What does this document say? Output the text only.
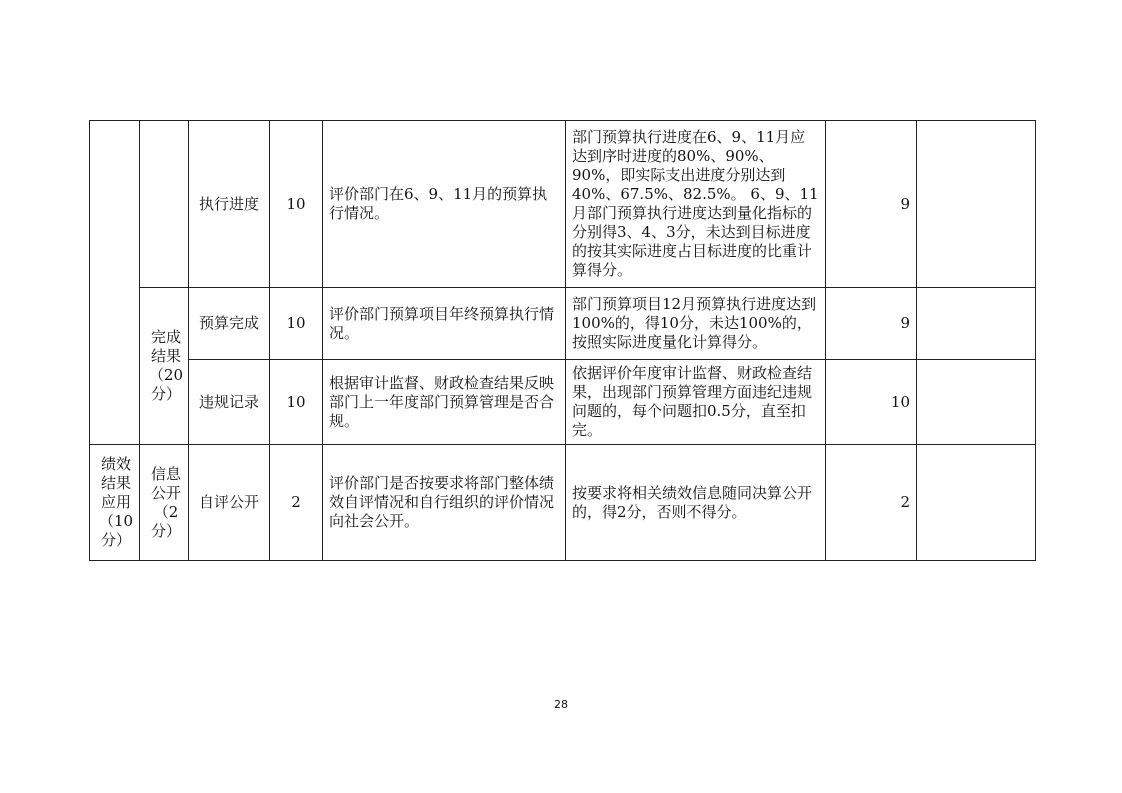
		执行进度	10	评价部门在6、9、11月的预算执行情况。	部门预算执行进度在6、9、11月应达到序时进度的80%、90%、90%，即实际支出进度分别达到40%、67.5%、82.5%。 6、9、11月部门预算执行进度达到量化指标的分别得3、4、3分，未达到目标进度的按其实际进度占目标进度的比重计算得分。	9	
	完成结果（20分）	预算完成	10	评价部门预算项目年终预算执行情况。	部门预算项目12月预算执行进度达到100%的，得10分，未达100%的，按照实际进度量化计算得分。	9	
		违规记录	10	根据审计监督、财政检查结果反映部门上一年度部门预算管理是否合规。	依据评价年度审计监督、财政检查结果，出现部门预算管理方面违纪违规问题的，每个问题扣0.5分，直至扣完。	10	
绩效结果应用（10分）	信息公开（2分）	自评公开	2	评价部门是否按要求将部门整体绩效自评情况和自行组织的评价情况向社会公开。	按要求将相关绩效信息随同决算公开的，得2分，否则不得分。	2	
28
